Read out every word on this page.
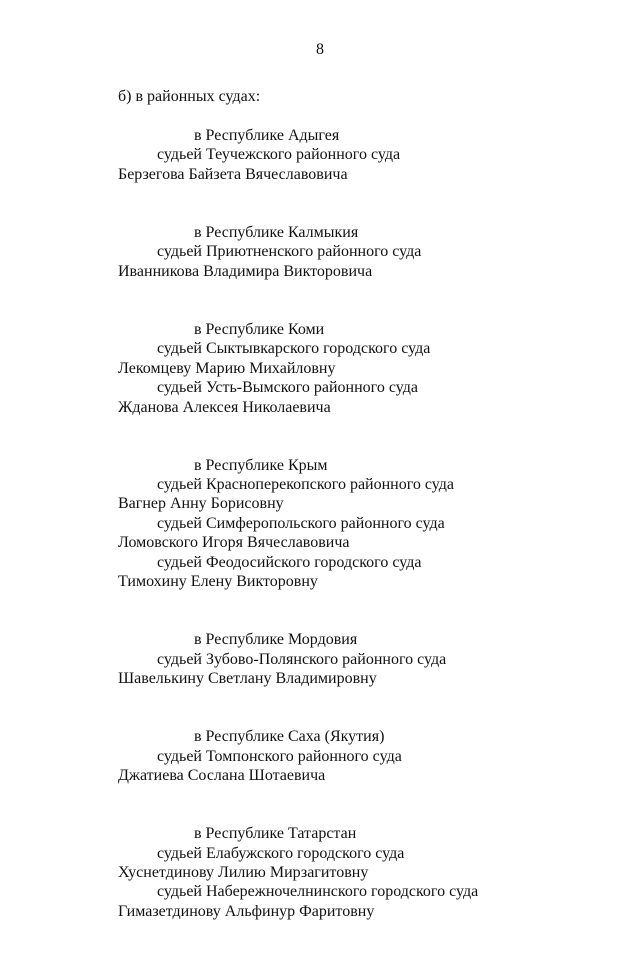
8
б) в районных судах:
в Республике Адыгея
судьей Теучежского районного суда
Берзегова Байзета Вячеславовича
в Республике Калмыкия
судьей Приютненского районного суда
Иванникова Владимира Викторовича
в Республике Коми
судьей Сыктывкарского городского суда
Лекомцеву Марию Михайловну
судьей Усть-Вымского районного суда
Жданова Алексея Николаевича
в Республике Крым
судьей Красноперекопского районного суда
Вагнер Анну Борисовну
судьей Симферопольского районного суда
Ломовского Игоря Вячеславовича
судьей Феодосийского городского суда
Тимохину Елену Викторовну
в Республике Мордовия
судьей Зубово-Полянского районного суда
Шавелькину Светлану Владимировну
в Республике Саха (Якутия)
судьей Томпонского районного суда
Джатиева Сослана Шотаевича
в Республике Татарстан
судьей Елабужского городского суда
Хуснетдинову Лилию Мирзагитовну
судьей Набережночелнинского городского суда
Гимазетдинову Альфинур Фаритовну
